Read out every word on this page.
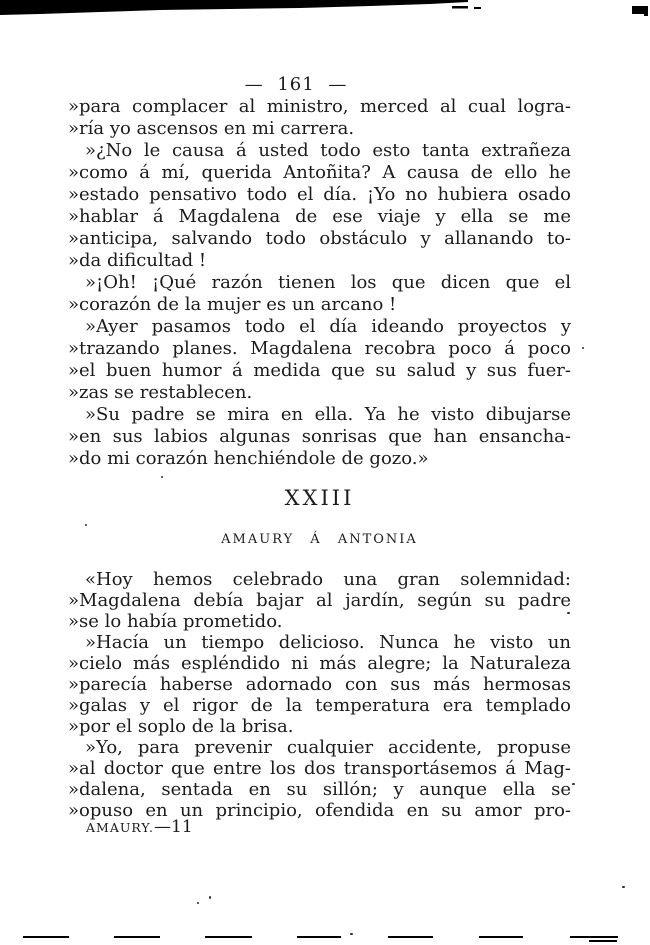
— 161 —
»para complacer al ministro, merced al cual logra-
»ría yo ascensos en mi carrera.
»¿No le causa á usted todo esto tanta extrañeza
»como á mí, querida Antoñita? A causa de ello he
»estado pensativo todo el día. ¡Yo no hubiera osado
»hablar á Magdalena de ese viaje y ella se me
»anticipa, salvando todo obstáculo y allanando to-
»da dificultad !
»¡Oh! ¡Qué razón tienen los que dicen que el
»corazón de la mujer es un arcano !
»Ayer pasamos todo el día ideando proyectos y
»trazando planes. Magdalena recobra poco á poco
»el buen humor á medida que su salud y sus fuer-
»zas se restablecen.
»Su padre se mira en ella. Ya he visto dibujarse
»en sus labios algunas sonrisas que han ensancha-
»do mi corazón henchiéndole de gozo.»
XXIII
AMAURY Á ANTONIA
«Hoy hemos celebrado una gran solemnidad:
»Magdalena debía bajar al jardín, según su padre
»se lo había prometido.
»Hacía un tiempo delicioso. Nunca he visto un
»cielo más espléndido ni más alegre; la Naturaleza
»parecía haberse adornado con sus más hermosas
»galas y el rigor de la temperatura era templado
»por el soplo de la brisa.
»Yo, para prevenir cualquier accidente, propuse
»al doctor que entre los dos transportásemos á Mag-
»dalena, sentada en su sillón; y aunque ella se
»opuso en un principio, ofendida en su amor pro-
AMAURY.—11
